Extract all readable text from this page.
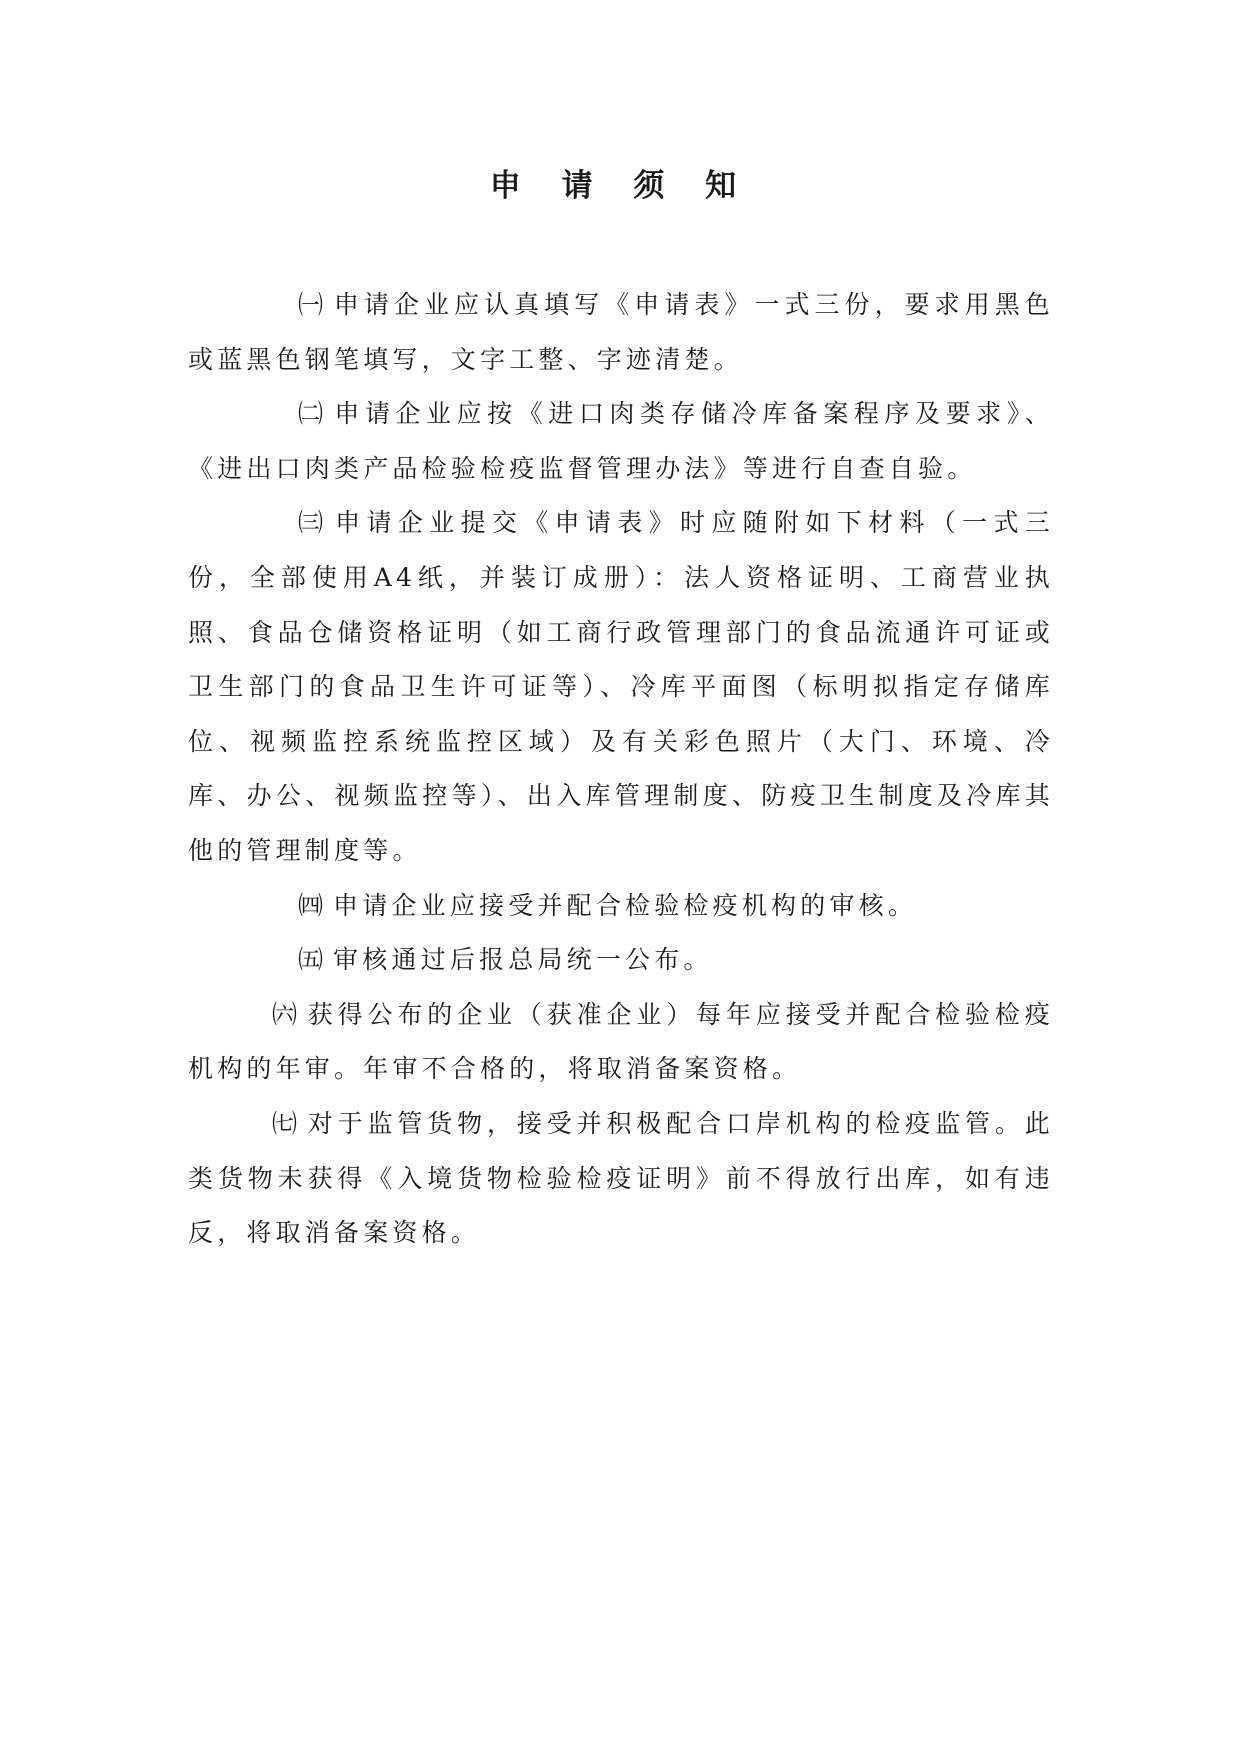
申 请 须 知

㈠ 申请企业应认真填写《申请表》一式三份，要求用黑色或蓝黑色钢笔填写，文字工整、字迹清楚。

㈡ 申请企业应按《进口肉类存储冷库备案程序及要求》、《进出口肉类产品检验检疫监督管理办法》等进行自查自验。

㈢ 申请企业提交《申请表》时应随附如下材料（一式三份，全部使用A4纸，并装订成册）：法人资格证明、工商营业执照、食品仓储资格证明（如工商行政管理部门的食品流通许可证或卫生部门的食品卫生许可证等）、冷库平面图（标明拟指定存储库位、视频监控系统监控区域）及有关彩色照片（大门、环境、冷库、办公、视频监控等）、出入库管理制度、防疫卫生制度及冷库其他的管理制度等。

㈣ 申请企业应接受并配合检验检疫机构的审核。

㈤ 审核通过后报总局统一公布。

㈥ 获得公布的企业（获准企业）每年应接受并配合检验检疫机构的年审。年审不合格的，将取消备案资格。

㈦ 对于监管货物，接受并积极配合口岸机构的检疫监管。此类货物未获得《入境货物检验检疫证明》前不得放行出库，如有违反，将取消备案资格。
